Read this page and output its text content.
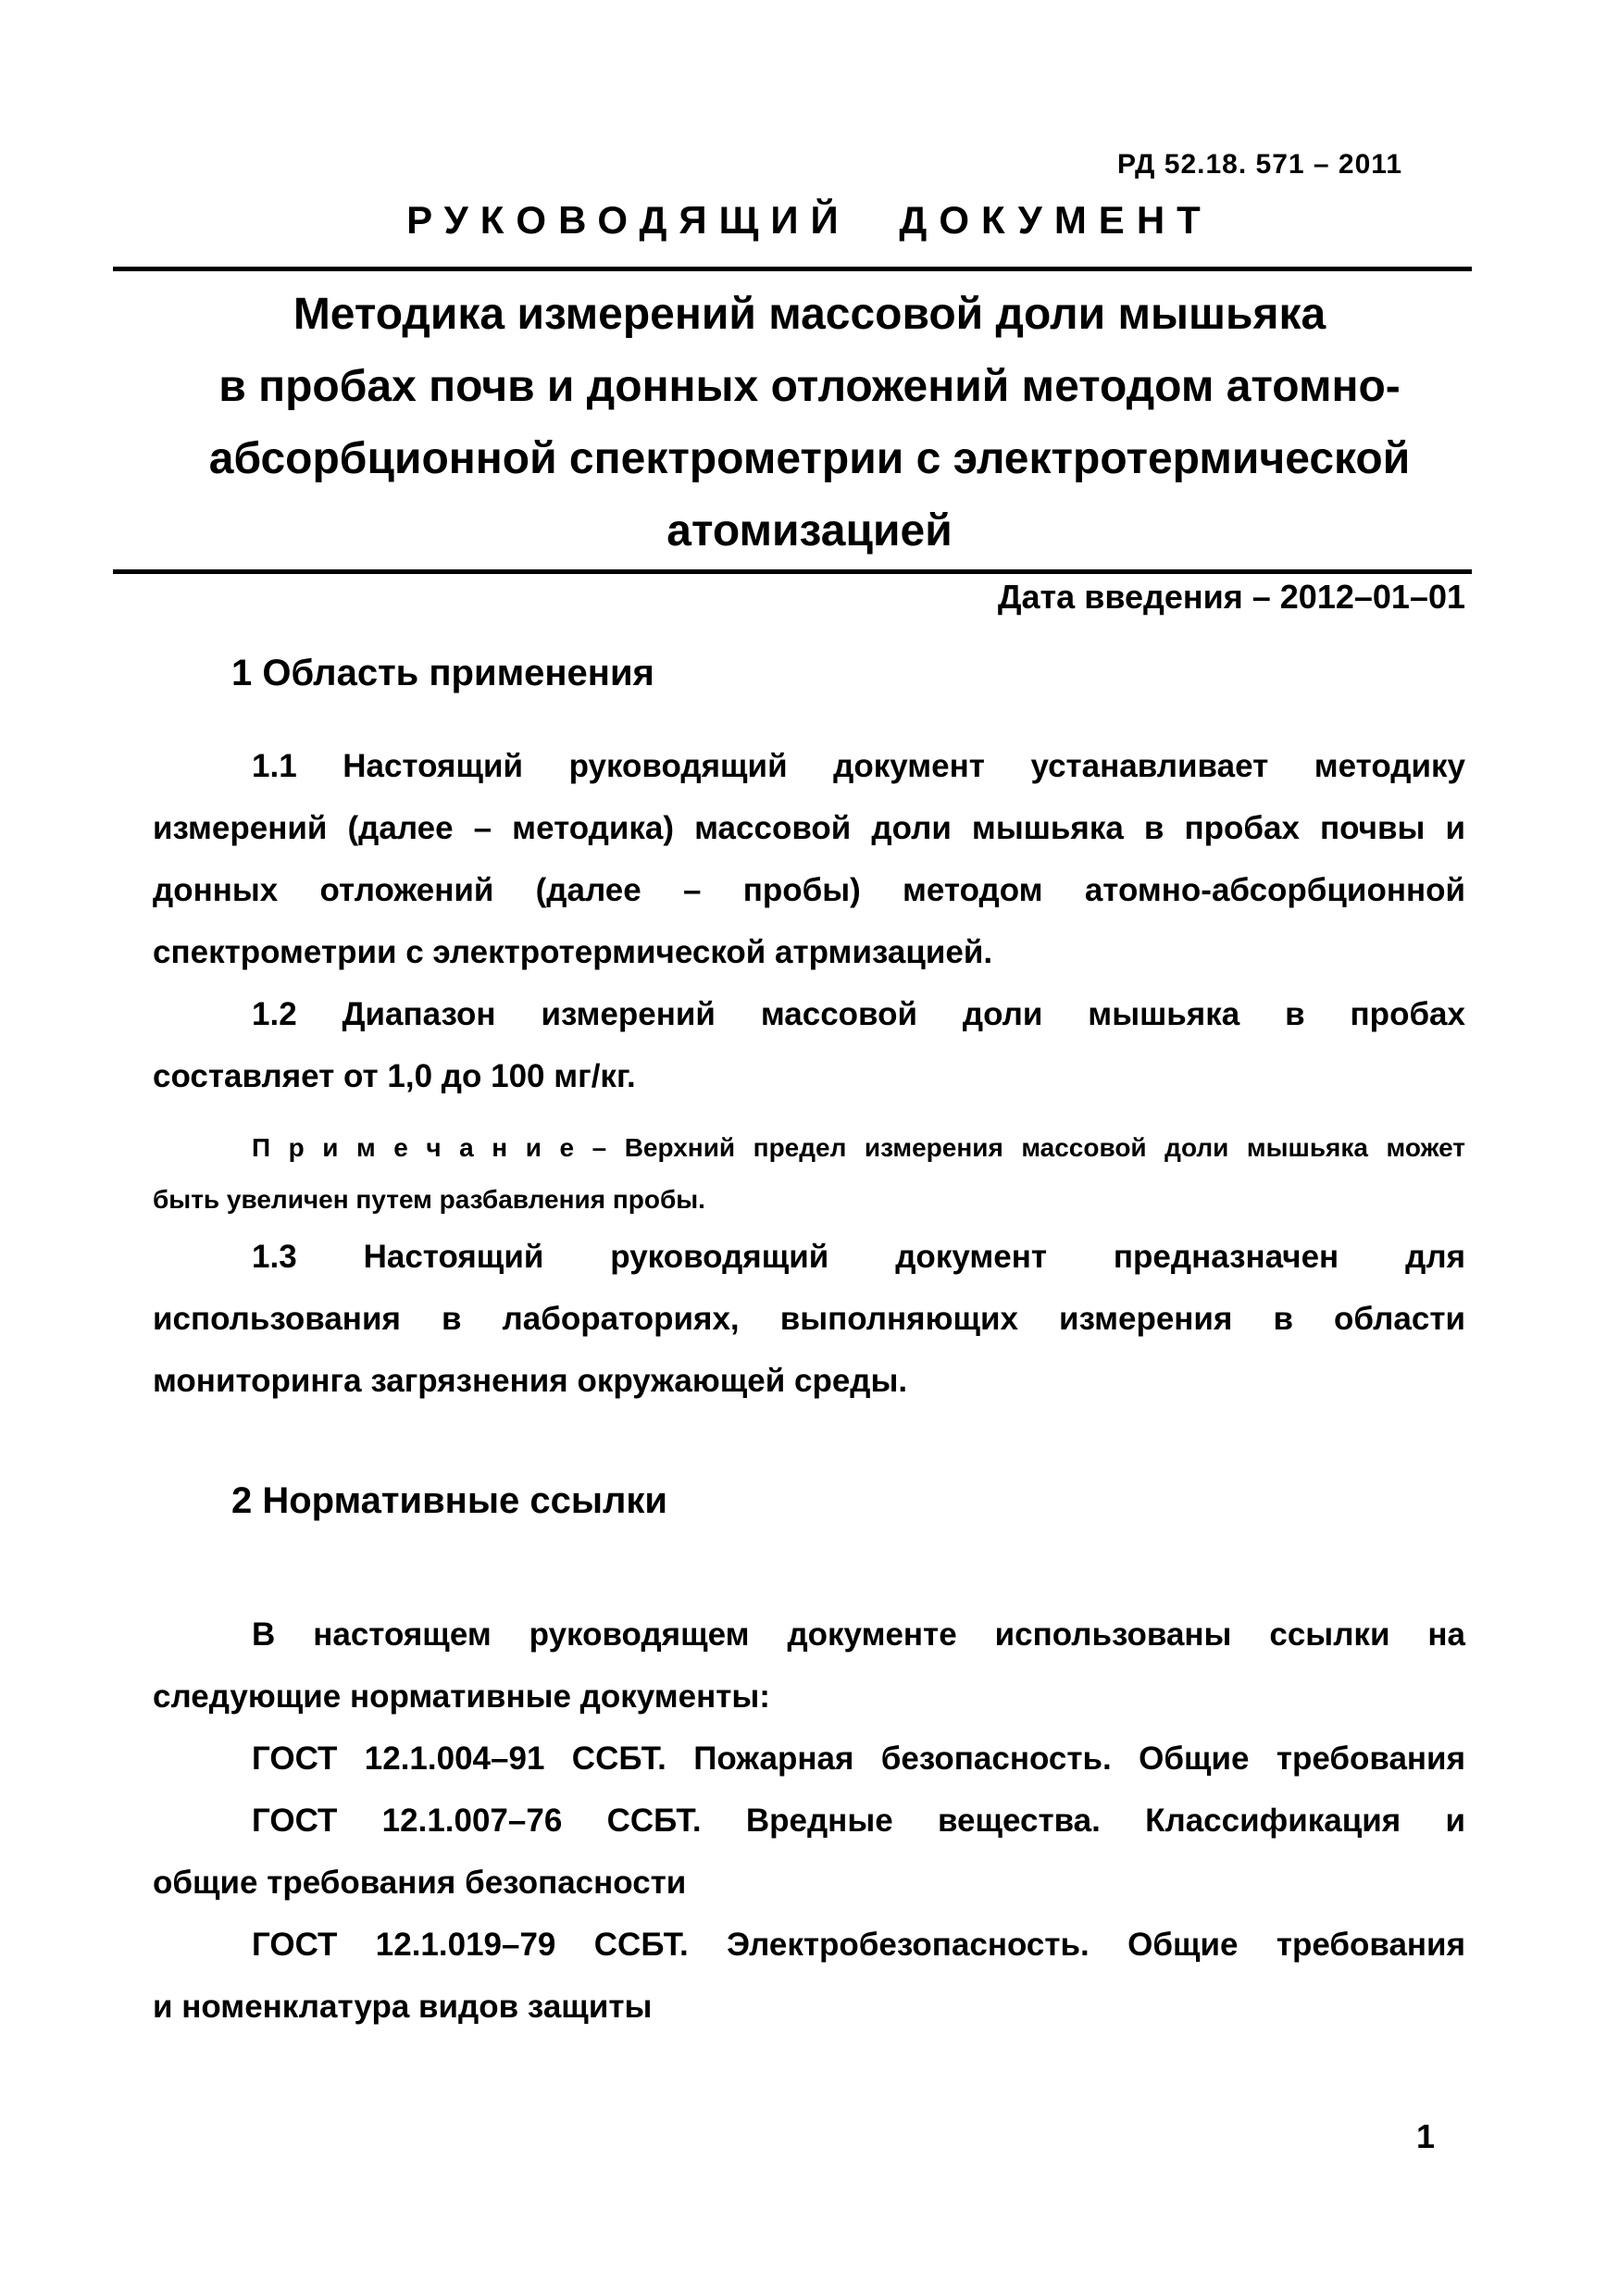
РД 52.18. 571 – 2011
РУКОВОДЯЩИЙ ДОКУМЕНТ
Методика измерений массовой доли мышьяка
в пробах почв и донных отложений методом атомно-
абсорбционной спектрометрии с электротермической
атомизацией
Дата введения – 2012–01–01
1 Область применения
1.1 Настоящий руководящий документ устанавливает методику
измерений (далее – методика) массовой доли мышьяка в пробах почвы и
донных отложений (далее – пробы) методом атомно-абсорбционной
спектрометрии с электротермической атрмизацией.
1.2 Диапазон измерений массовой доли мышьяка в пробах
составляет от 1,0 до 100 мг/кг.
П р и м е ч а н и е – Верхний предел измерения массовой доли мышьяка может
быть увеличен путем разбавления пробы.
1.3 Настоящий руководящий документ предназначен для
использования в лабораториях, выполняющих измерения в области
мониторинга загрязнения окружающей среды.
2 Нормативные ссылки
В настоящем руководящем документе использованы ссылки на
следующие нормативные документы:
ГОСТ 12.1.004–91 ССБТ. Пожарная безопасность. Общие требования
ГОСТ 12.1.007–76 ССБТ. Вредные вещества. Классификация и
общие требования безопасности
ГОСТ 12.1.019–79 ССБТ. Электробезопасность. Общие требования
и номенклатура видов защиты
1
